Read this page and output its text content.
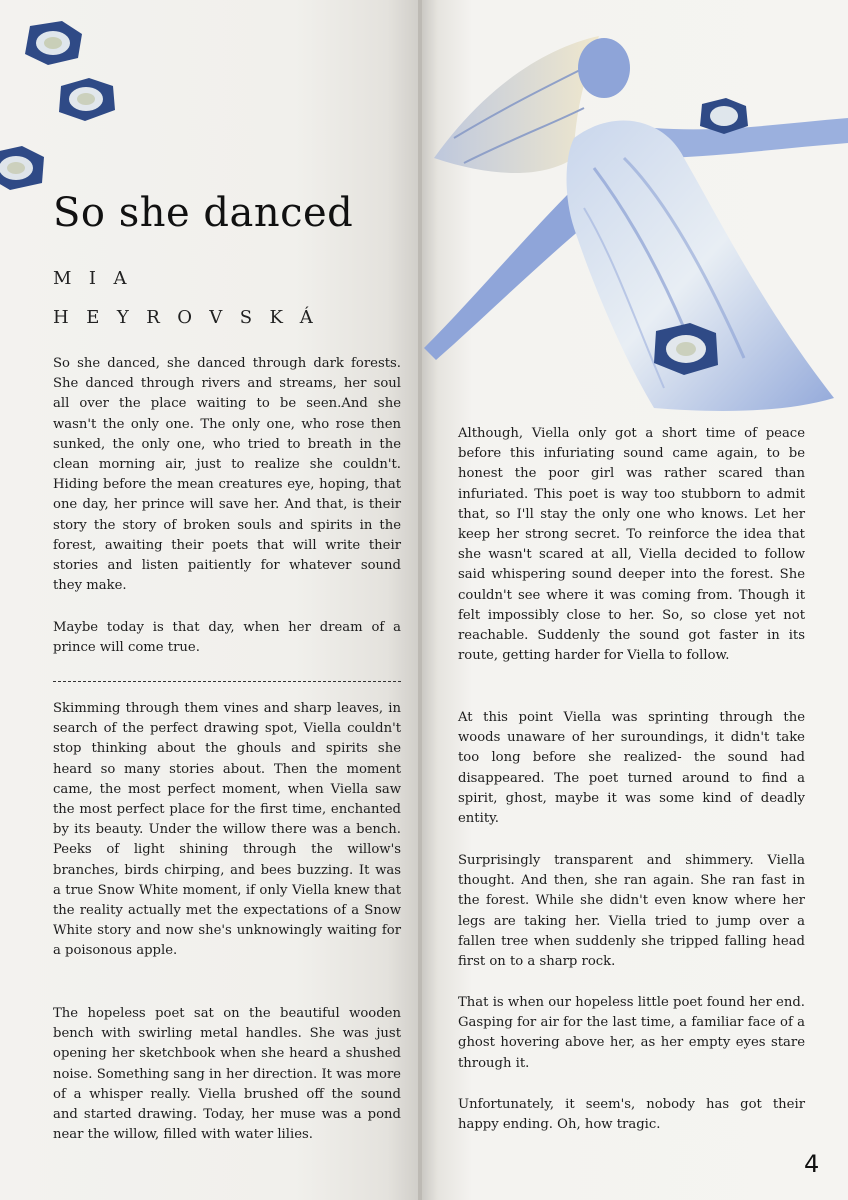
So she danced

MIA

HEYROVSKÁ

So she danced, she danced through dark forests. She danced through rivers and streams, her soul all over the place waiting to be seen.And she wasn't the only one. The only one, who rose then sunked, the only one, who tried to breath in the clean morning air, just to realize she couldn't. Hiding before the mean creatures eye, hoping, that one day, her prince will save her. And that, is their story the story of broken souls and spirits in the forest, awaiting their poets that will write their stories and listen paitiently for whatever sound they make.

Maybe today is that day, when her dream of a prince will come true.

Skimming through them vines and sharp leaves, in search of the perfect drawing spot, Viella couldn't stop thinking about the ghouls and spirits she heard so many stories about. Then the moment came, the most perfect moment, when Viella saw the most perfect place for the first time, enchanted by its beauty. Under the willow there was a bench. Peeks of light shining through the willow's branches, birds chirping, and bees buzzing. It was a true Snow White moment, if only Viella knew that the reality actually met the expectations of a Snow White story and now she's unknowingly waiting for a poisonous apple.

The hopeless poet sat on the beautiful wooden bench with swirling metal handles. She was just opening her sketchbook when she heard a shushed noise. Something sang in her direction. It was more of a whisper really. Viella brushed off the sound and started drawing. Today, her muse was a pond near the willow, filled with water lilies.

Although, Viella only got a short time of peace before this infuriating sound came again, to be honest the poor girl was rather scared than infuriated. This poet is way too stubborn to admit that, so I'll stay the only one who knows. Let her keep her strong secret. To reinforce the idea that she wasn't scared at all, Viella decided to follow said whispering sound deeper into the forest. She couldn't see where it was coming from. Though it felt impossibly close to her. So, so close yet not reachable. Suddenly the sound got faster in its route, getting harder for Viella to follow.

At this point Viella was sprinting through the woods unaware of her suroundings, it didn't take too long before she realized- the sound had disappeared. The poet turned around to find a spirit, ghost, maybe it was some kind of deadly entity.

Surprisingly transparent and shimmery. Viella thought. And then, she ran again. She ran fast in the forest. While she didn't even know where her legs are taking her. Viella tried to jump over a fallen tree when suddenly she tripped falling head first on to a sharp rock.

That is when our hopeless little poet found her end. Gasping for air for the last time, a familiar face of a ghost hovering above her, as her empty eyes stare through it.

Unfortunately, it seem's, nobody has got their happy ending. Oh, how tragic.

4
